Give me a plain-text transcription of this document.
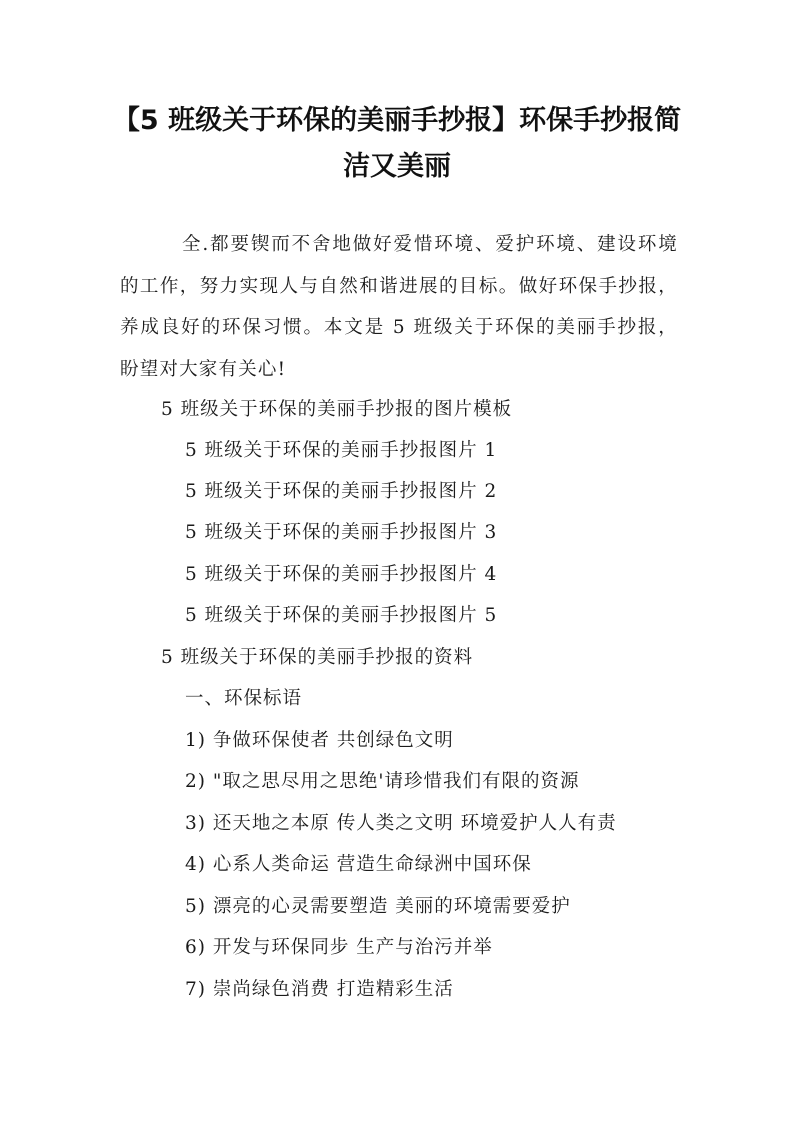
【5 班级关于环保的美丽手抄报】环保手抄报简洁又美丽

全.都要锲而不舍地做好爱惜环境、爱护环境、建设环境的工作，努力实现人与自然和谐进展的目标。做好环保手抄报，养成良好的环保习惯。本文是 5 班级关于环保的美丽手抄报，盼望对大家有关心!

5 班级关于环保的美丽手抄报的图片模板

5 班级关于环保的美丽手抄报图片 1

5 班级关于环保的美丽手抄报图片 2

5 班级关于环保的美丽手抄报图片 3

5 班级关于环保的美丽手抄报图片 4

5 班级关于环保的美丽手抄报图片 5

5 班级关于环保的美丽手抄报的资料

一、环保标语

1) 争做环保使者 共创绿色文明

2) "取之思尽用之思绝'请珍惜我们有限的资源

3) 还天地之本原 传人类之文明 环境爱护人人有责

4) 心系人类命运 营造生命绿洲中国环保

5) 漂亮的心灵需要塑造 美丽的环境需要爱护

6) 开发与环保同步 生产与治污并举

7) 崇尚绿色消费 打造精彩生活
